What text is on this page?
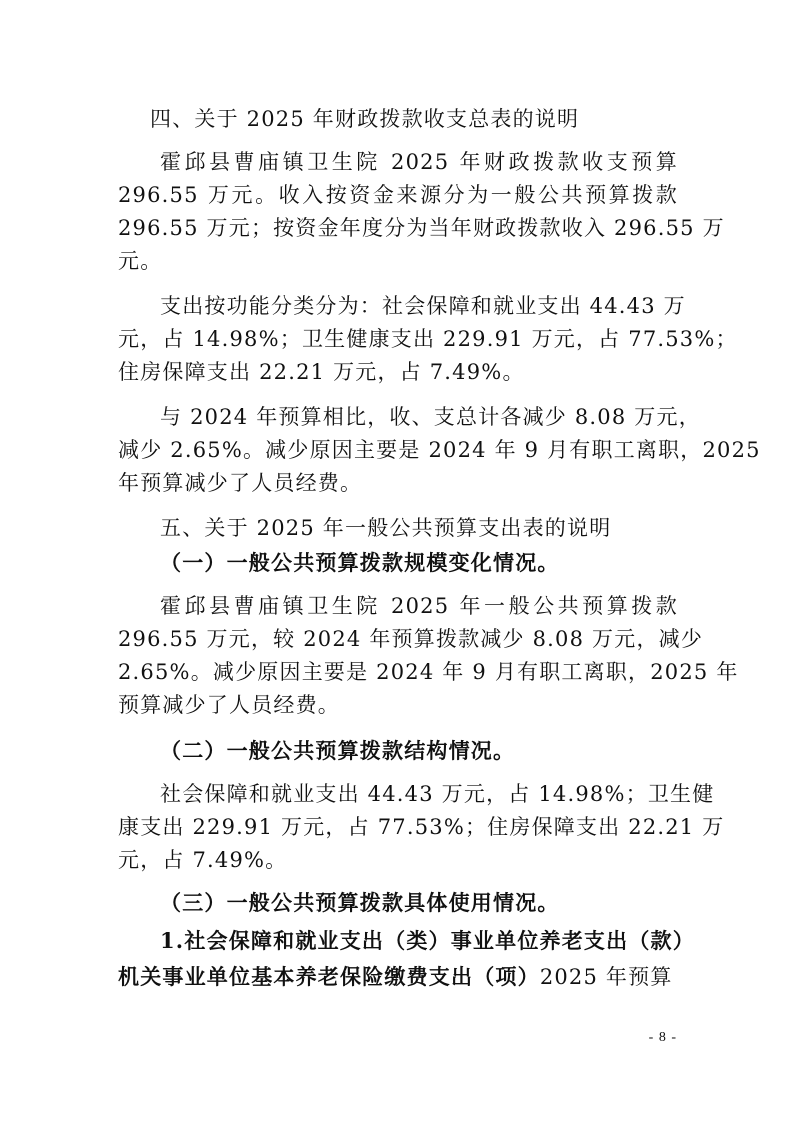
四、关于 2025 年财政拨款收支总表的说明
霍邱县曹庙镇卫生院 2025 年财政拨款收支预算
296.55 万元。收入按资金来源分为一般公共预算拨款
296.55 万元；按资金年度分为当年财政拨款收入 296.55 万
元。
支出按功能分类分为：社会保障和就业支出 44.43 万
元，占 14.98%；卫生健康支出 229.91 万元，占 77.53%；
住房保障支出 22.21 万元，占 7.49%。
与 2024 年预算相比，收、支总计各减少 8.08 万元，
减少 2.65%。减少原因主要是 2024 年 9 月有职工离职，2025
年预算减少了人员经费。
五、关于 2025 年一般公共预算支出表的说明
（一）一般公共预算拨款规模变化情况。
霍邱县曹庙镇卫生院 2025 年一般公共预算拨款
296.55 万元，较 2024 年预算拨款减少 8.08 万元，减少
2.65%。减少原因主要是 2024 年 9 月有职工离职，2025 年
预算减少了人员经费。
（二）一般公共预算拨款结构情况。
社会保障和就业支出 44.43 万元，占 14.98%；卫生健
康支出 229.91 万元，占 77.53%；住房保障支出 22.21 万
元，占 7.49%。
（三）一般公共预算拨款具体使用情况。
1.社会保障和就业支出（类）事业单位养老支出（款）
机关事业单位基本养老保险缴费支出（项）2025 年预算
- 8 -
